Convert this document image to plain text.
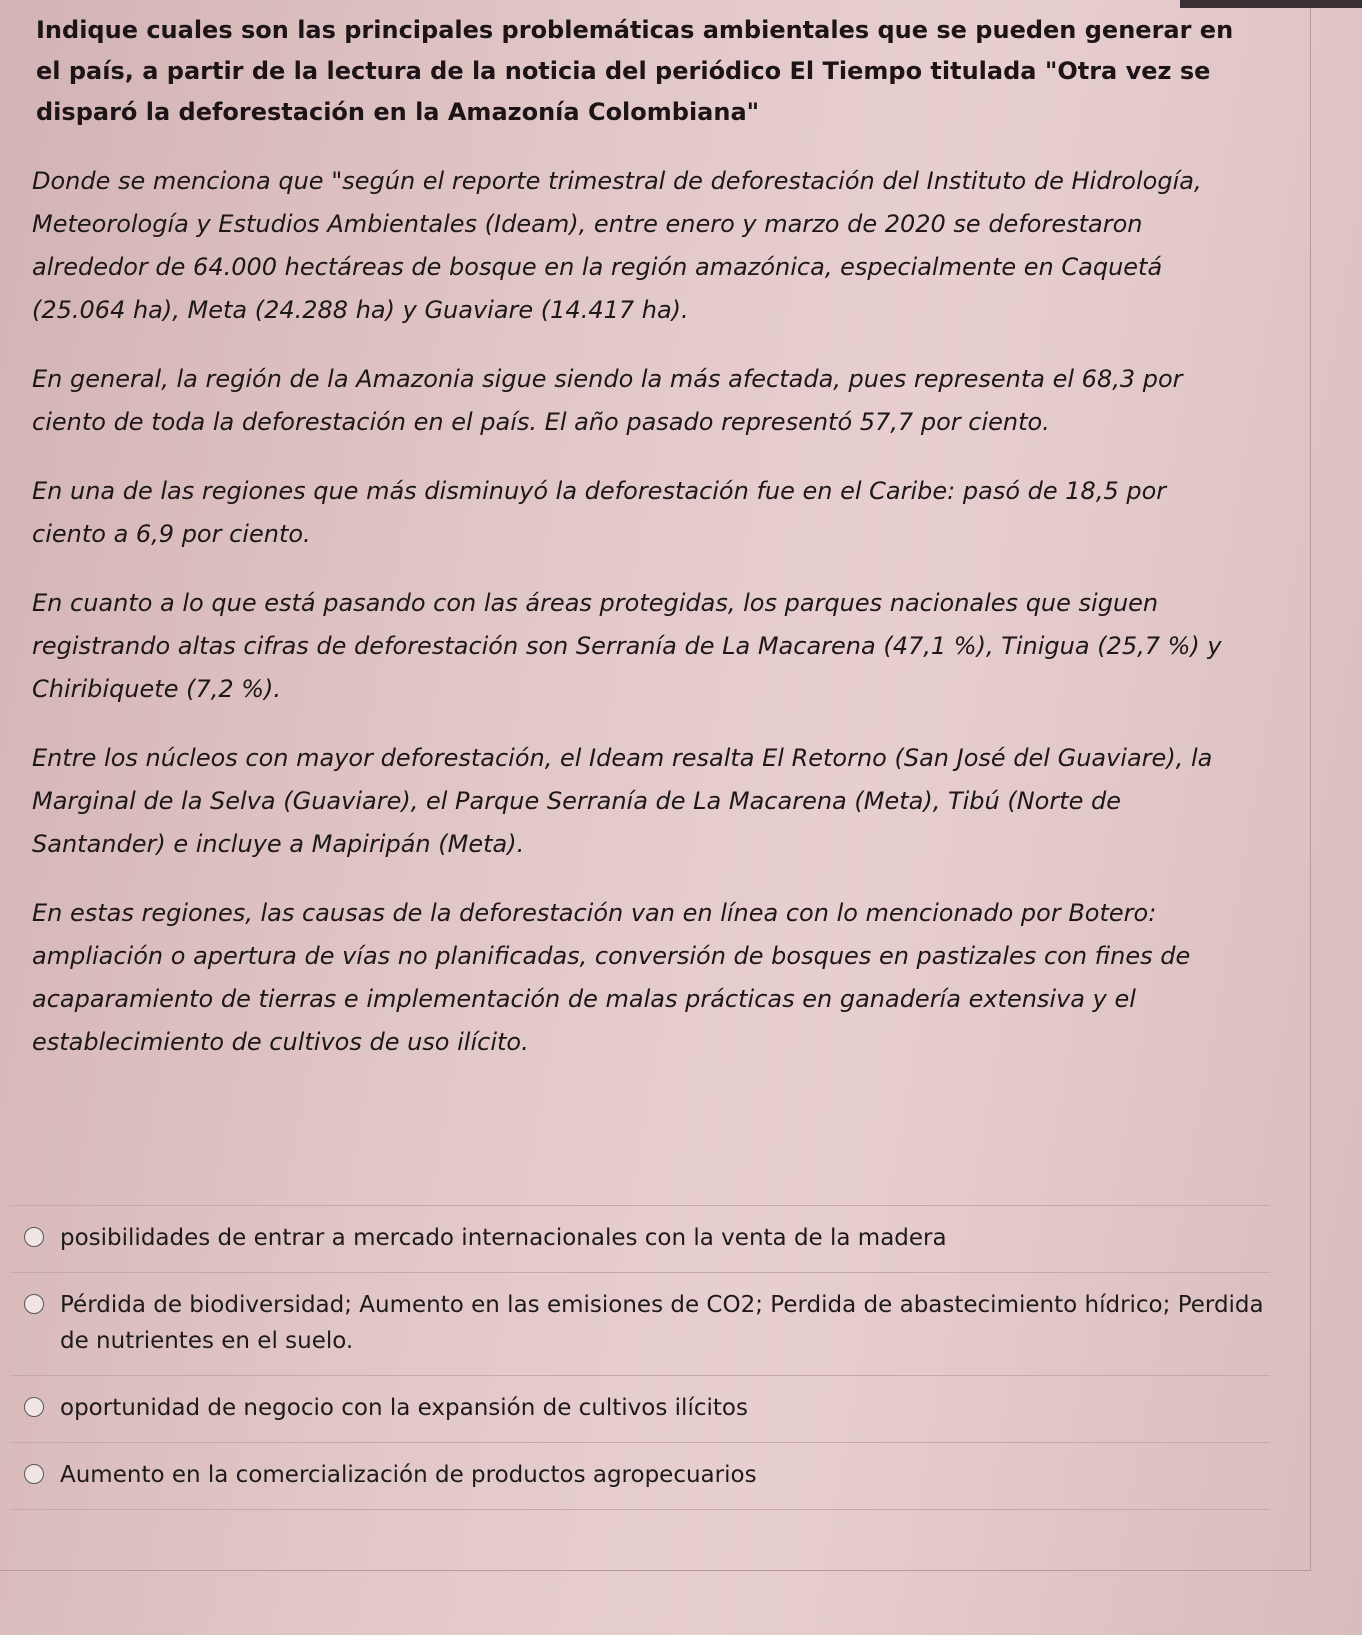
Indique cuales son las principales problemáticas ambientales que se pueden generar en el país, a partir de la lectura de la noticia del periódico El Tiempo titulada "Otra vez se disparó la deforestación en la Amazonía Colombiana"

Donde se menciona que "según el reporte trimestral de deforestación del Instituto de Hidrología, Meteorología y Estudios Ambientales (Ideam), entre enero y marzo de 2020 se deforestaron alrededor de 64.000 hectáreas de bosque en la región amazónica, especialmente en Caquetá (25.064 ha), Meta (24.288 ha) y Guaviare (14.417 ha).

En general, la región de la Amazonia sigue siendo la más afectada, pues representa el 68,3 por ciento de toda la deforestación en el país. El año pasado representó 57,7 por ciento.

En una de las regiones que más disminuyó la deforestación fue en el Caribe: pasó de 18,5 por ciento a 6,9 por ciento.

En cuanto a lo que está pasando con las áreas protegidas, los parques nacionales que siguen registrando altas cifras de deforestación son Serranía de La Macarena (47,1 %), Tinigua (25,7 %) y Chiribiquete (7,2 %).

Entre los núcleos con mayor deforestación, el Ideam resalta El Retorno (San José del Guaviare), la Marginal de la Selva (Guaviare), el Parque Serranía de La Macarena (Meta), Tibú (Norte de Santander) e incluye a Mapiripán (Meta).

En estas regiones, las causas de la deforestación van en línea con lo mencionado por Botero: ampliación o apertura de vías no planificadas, conversión de bosques en pastizales con fines de acaparamiento de tierras e implementación de malas prácticas en ganadería extensiva y el establecimiento de cultivos de uso ilícito.

posibilidades de entrar a mercado internacionales con la venta de la madera
Pérdida de biodiversidad; Aumento en las emisiones de CO2; Perdida de abastecimiento hídrico; Perdida de nutrientes en el suelo.
oportunidad de negocio con la expansión de cultivos ilícitos
Aumento en la comercialización de productos agropecuarios
